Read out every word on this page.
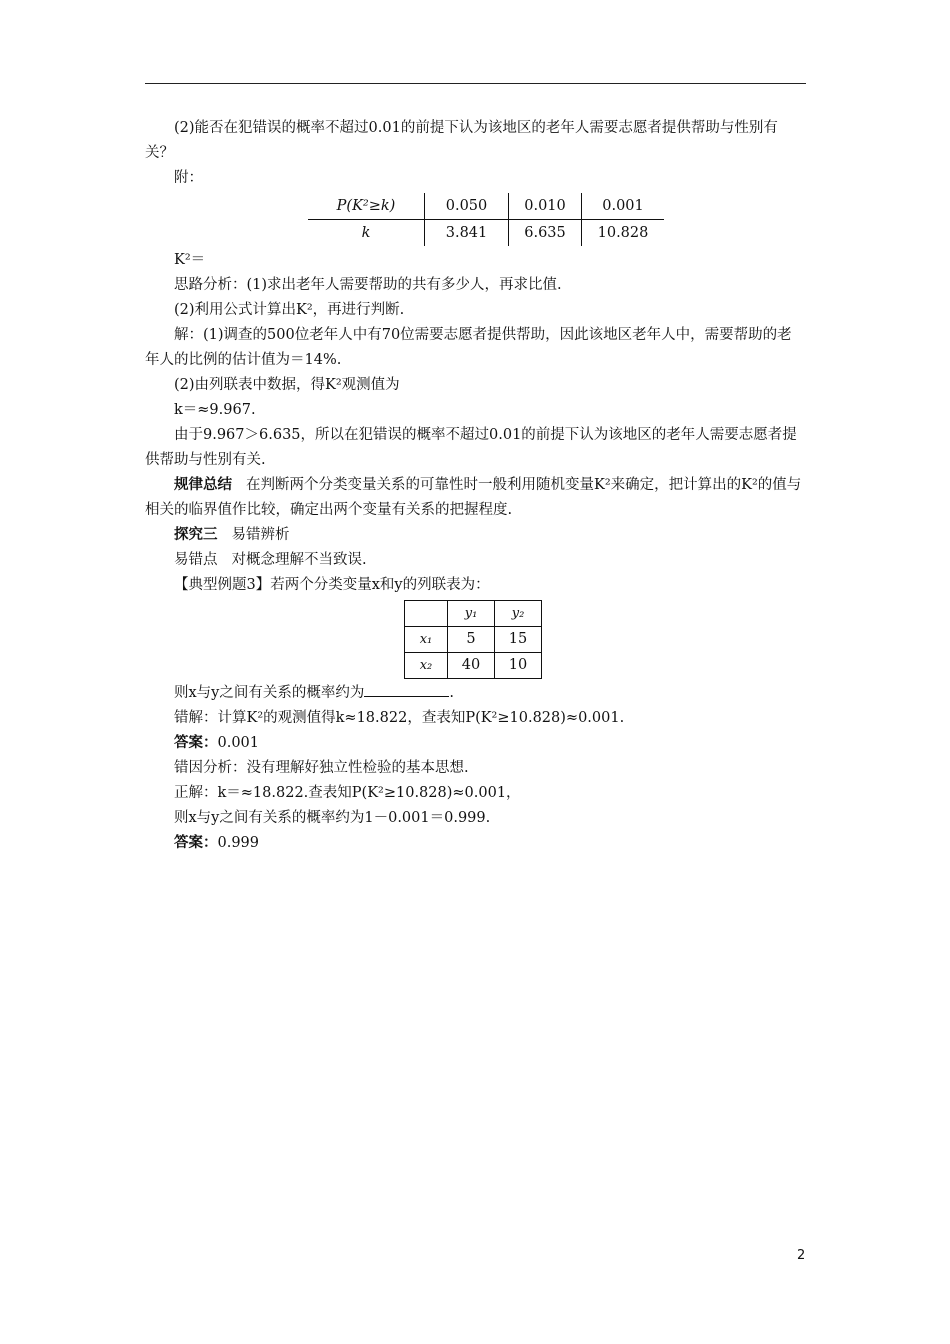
(2)能否在犯错误的概率不超过0.01的前提下认为该地区的老年人需要志愿者提供帮助与性别有关？

附：

P(K²≥k)	0.050	0.010	0.001
k	3.841	6.635	10.828

K²＝

思路分析：(1)求出老年人需要帮助的共有多少人，再求比值.

(2)利用公式计算出K²，再进行判断.

解：(1)调查的500位老年人中有70位需要志愿者提供帮助，因此该地区老年人中，需要帮助的老年人的比例的估计值为＝14%.

(2)由列联表中数据，得K²观测值为

k＝≈9.967.

由于9.967＞6.635，所以在犯错误的概率不超过0.01的前提下认为该地区的老年人需要志愿者提供帮助与性别有关.

规律总结 在判断两个分类变量关系的可靠性时一般利用随机变量K²来确定，把计算出的K²的值与相关的临界值作比较，确定出两个变量有关系的把握程度.

探究三 易错辨析

易错点 对概念理解不当致误.

【典型例题3】若两个分类变量x和y的列联表为：

	y₁	y₂
x₁	5	15
x₂	40	10

则x与y之间有关系的概率约为	.

错解：计算K²的观测值得k≈18.822，查表知P(K²≥10.828)≈0.001.

答案：0.001

错因分析：没有理解好独立性检验的基本思想.

正解：k＝≈18.822.查表知P(K²≥10.828)≈0.001，

则x与y之间有关系的概率约为1－0.001＝0.999.

答案：0.999

2
